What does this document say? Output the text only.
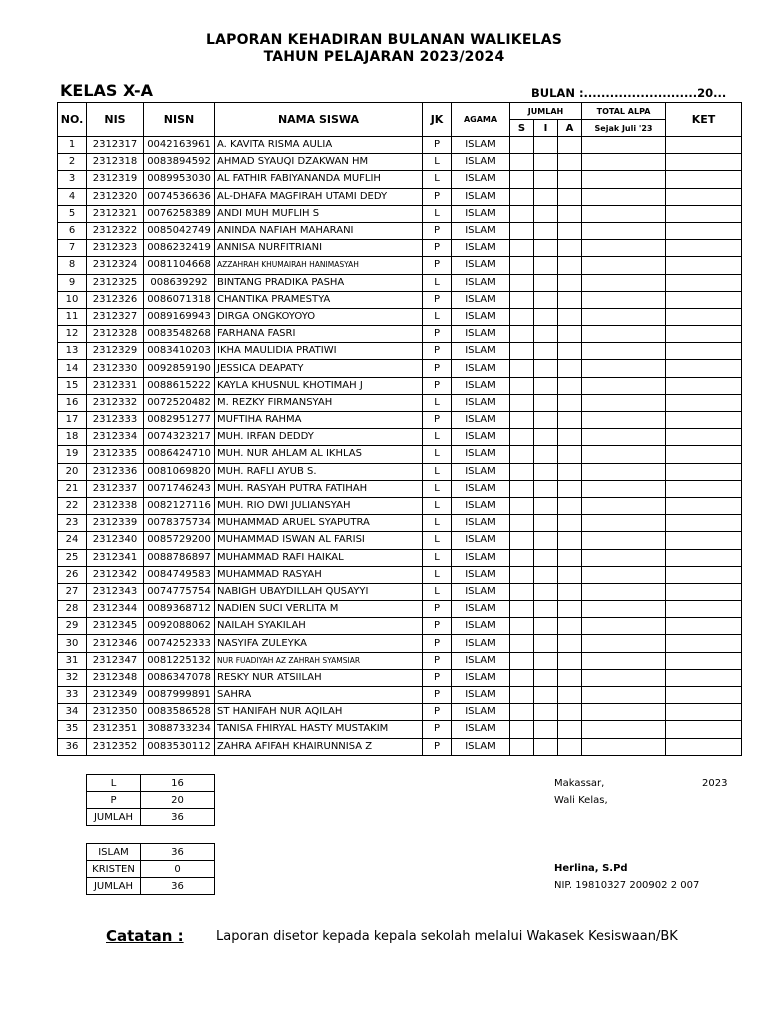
LAPORAN KEHADIRAN BULANAN WALIKELAS
TAHUN PELAJARAN 2023/2024
KELAS X-A	BULAN :..........................20...
NO.	NIS	NISN	NAMA SISWA	JK	AGAMA	JUMLAH			TOTAL ALPA	KET
						S	I	A	Sejak Juli '23	
1	2312317	0042163961	A. KAVITA RISMA AULIA	P	ISLAM					
2	2312318	0083894592	AHMAD SYAUQI DZAKWAN HM	L	ISLAM					
3	2312319	0089953030	AL FATHIR FABIYANANDA MUFLIH	L	ISLAM					
4	2312320	0074536636	AL-DHAFA MAGFIRAH UTAMI DEDY	P	ISLAM					
5	2312321	0076258389	ANDI MUH MUFLIH S	L	ISLAM					
6	2312322	0085042749	ANINDA NAFIAH MAHARANI	P	ISLAM					
7	2312323	0086232419	ANNISA NURFITRIANI	P	ISLAM					
8	2312324	0081104668	AZZAHRAH KHUMAIRAH HANIMASYAH	P	ISLAM					
9	2312325	008639292	BINTANG PRADIKA PASHA	L	ISLAM					
10	2312326	0086071318	CHANTIKA PRAMESTYA	P	ISLAM					
11	2312327	0089169943	DIRGA ONGKOYOYO	L	ISLAM					
12	2312328	0083548268	FARHANA FASRI	P	ISLAM					
13	2312329	0083410203	IKHA MAULIDIA PRATIWI	P	ISLAM					
14	2312330	0092859190	JESSICA DEAPATY	P	ISLAM					
15	2312331	0088615222	KAYLA KHUSNUL KHOTIMAH J	P	ISLAM					
16	2312332	0072520482	M. REZKY FIRMANSYAH	L	ISLAM					
17	2312333	0082951277	MUFTIHA RAHMA	P	ISLAM					
18	2312334	0074323217	MUH. IRFAN DEDDY	L	ISLAM					
19	2312335	0086424710	MUH. NUR AHLAM AL IKHLAS	L	ISLAM					
20	2312336	0081069820	MUH. RAFLI AYUB S.	L	ISLAM					
21	2312337	0071746243	MUH. RASYAH PUTRA FATIHAH	L	ISLAM					
22	2312338	0082127116	MUH. RIO DWI JULIANSYAH	L	ISLAM					
23	2312339	0078375734	MUHAMMAD ARUEL SYAPUTRA	L	ISLAM					
24	2312340	0085729200	MUHAMMAD ISWAN AL FARISI	L	ISLAM					
25	2312341	0088786897	MUHAMMAD RAFI HAIKAL	L	ISLAM					
26	2312342	0084749583	MUHAMMAD RASYAH	L	ISLAM					
27	2312343	0074775754	NABIGH UBAYDILLAH QUSAYYI	L	ISLAM					
28	2312344	0089368712	NADIEN SUCI VERLITA M	P	ISLAM					
29	2312345	0092088062	NAILAH SYAKILAH	P	ISLAM					
30	2312346	0074252333	NASYIFA ZULEYKA	P	ISLAM					
31	2312347	0081225132	NUR FUADIYAH AZ ZAHRAH SYAMSIAR	P	ISLAM					
32	2312348	0086347078	RESKY NUR ATSIILAH	P	ISLAM					
33	2312349	0087999891	SAHRA	P	ISLAM					
34	2312350	0083586528	ST HANIFAH NUR AQILAH	P	ISLAM					
35	2312351	3088733234	TANISA FHIRYAL HASTY MUSTAKIM	P	ISLAM					
36	2312352	0083530112	ZAHRA AFIFAH KHAIRUNNISA Z	P	ISLAM					
L	16
P	20
JUMLAH	36
ISLAM	36
KRISTEN	0
JUMLAH	36
Makassar,	2023
Wali Kelas,
Herlina, S.Pd
NIP. 19810327 200902 2 007
Catatan : Laporan disetor kepada kepala sekolah melalui Wakasek Kesiswaan/BK
